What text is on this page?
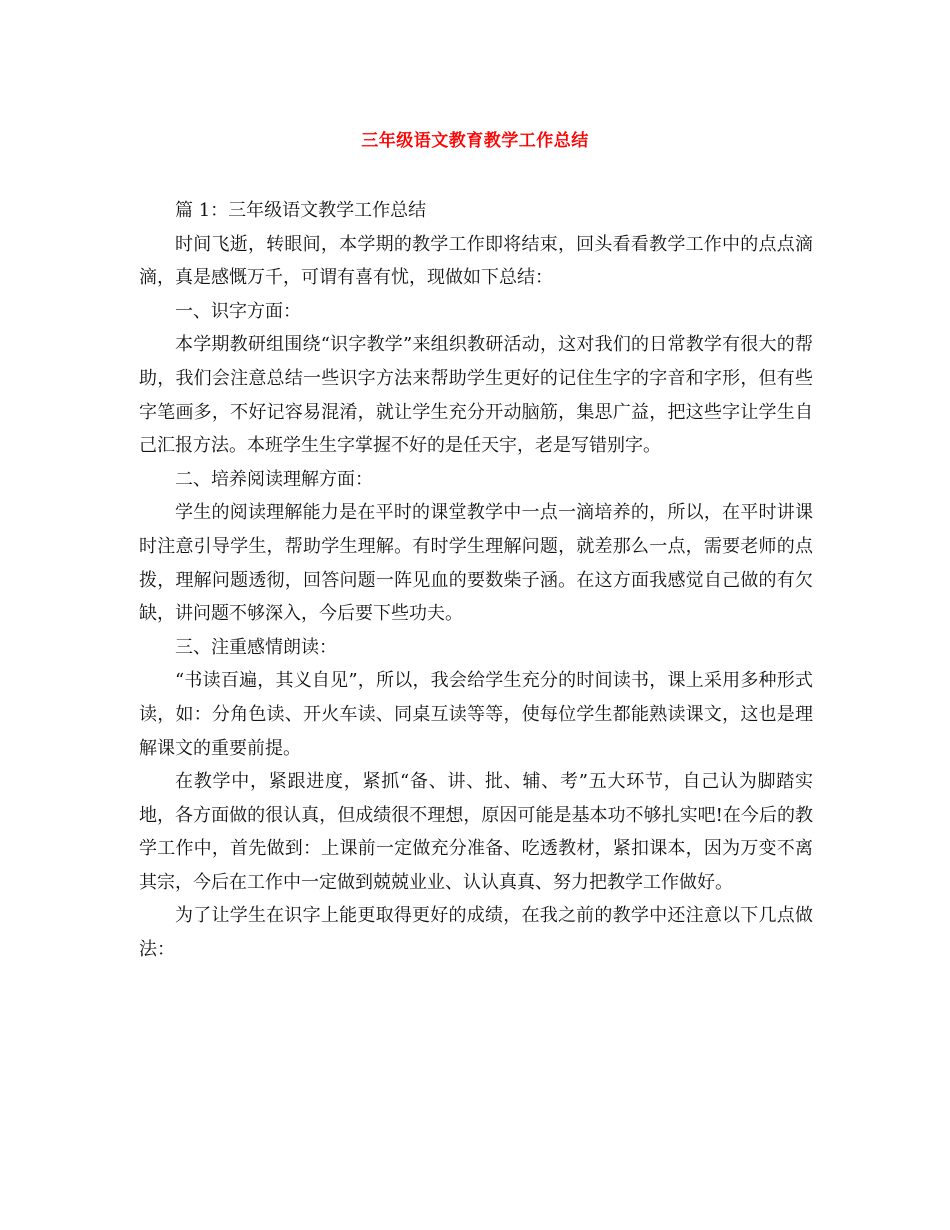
三年级语文教育教学工作总结

篇 1：三年级语文教学工作总结

时间飞逝，转眼间，本学期的教学工作即将结束，回头看看教学工作中的点点滴滴，真是感慨万千，可谓有喜有忧，现做如下总结：

一、识字方面：

本学期教研组围绕“识字教学”来组织教研活动，这对我们的日常教学有很大的帮助，我们会注意总结一些识字方法来帮助学生更好的记住生字的字音和字形，但有些字笔画多，不好记容易混淆，就让学生充分开动脑筋，集思广益，把这些字让学生自己汇报方法。本班学生生字掌握不好的是任天宇，老是写错别字。

二、培养阅读理解方面：

学生的阅读理解能力是在平时的课堂教学中一点一滴培养的，所以，在平时讲课时注意引导学生，帮助学生理解。有时学生理解问题，就差那么一点，需要老师的点拨，理解问题透彻，回答问题一阵见血的要数柴子涵。在这方面我感觉自己做的有欠缺，讲问题不够深入，今后要下些功夫。

三、注重感情朗读：

“书读百遍，其义自见”，所以，我会给学生充分的时间读书，课上采用多种形式读，如：分角色读、开火车读、同桌互读等等，使每位学生都能熟读课文，这也是理解课文的重要前提。

在教学中，紧跟进度，紧抓“备、讲、批、辅、考”五大环节，自己认为脚踏实地，各方面做的很认真，但成绩很不理想，原因可能是基本功不够扎实吧!在今后的教学工作中，首先做到：上课前一定做充分准备、吃透教材，紧扣课本，因为万变不离其宗，今后在工作中一定做到兢兢业业、认认真真、努力把教学工作做好。

为了让学生在识字上能更取得更好的成绩，在我之前的教学中还注意以下几点做法：
